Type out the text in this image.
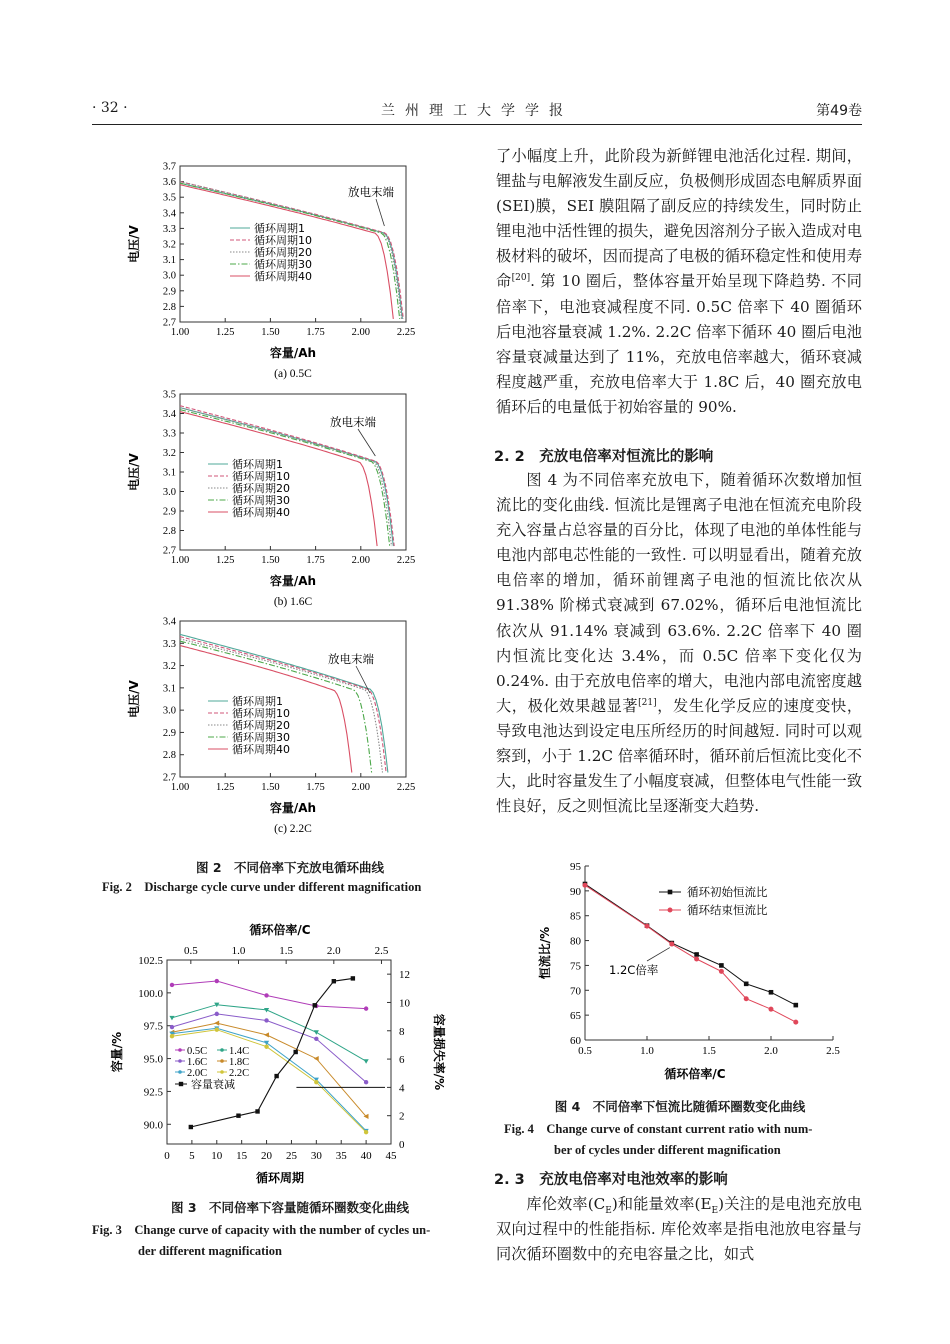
· 32 ·	兰州理工大学学报	第49卷
1.00	1.25	1.50	1.75	2.00	2.25
2.7
2.8
2.9
3.0
3.1
3.2
3.3
3.4
3.5
3.6
3.7
容量/Ah
(a) 0.5C
电压/V
放电末端
循环周期1
循环周期10
循环周期20
循环周期30
循环周期40
1.00	1.25	1.50	1.75	2.00	2.25
2.7
2.8
2.9
3.0
3.1
3.2
3.3
3.4
3.5
容量/Ah
(b) 1.6C
电压/V
放电末端
循环周期1
循环周期10
循环周期20
循环周期30
循环周期40
1.00	1.25	1.50	1.75	2.00	2.25
2.7
2.8
2.9
3.0
3.1
3.2
3.3
3.4
容量/Ah
(c) 2.2C
电压/V
放电末端
循环周期1
循环周期10
循环周期20
循环周期30
循环周期40
图 2　不同倍率下充放电循环曲线
Fig. 2　Discharge cycle curve under different magnification
0 5 10 15 20 25 30 35 40 45
90.0
92.5
95.0
97.5
100.0
102.5
0
2
4
6
8
10
12
0.5	1.0	1.5	2.0	2.5
循环倍率/C
循环周期
容量/%	容量损失率/%
0.5C 1.4C
1.6C 1.8C
2.0C 2.2C
容量衰减
图 3　不同倍率下容量随循环圈数变化曲线
Fig. 3　Change curve of capacity with the number of cycles un-
der different magnification

了小幅度上升，此阶段为新鲜锂电池活化过程. 期间，锂盐与电解液发生副反应，负极侧形成固态电解质界面(SEI)膜，SEI 膜阻隔了副反应的持续发生，同时防止锂电池中活性锂的损失，避免因溶剂分子嵌入造成对电极材料的破坏，因而提高了电极的循环稳定性和使用寿命[20]. 第 10 圈后，整体容量开始呈现下降趋势. 不同倍率下，电池衰减程度不同. 0.5C 倍率下 40 圈循环后电池容量衰减 1.2%. 2.2C 倍率下循环 40 圈后电池容量衰减量达到了 11%，充放电倍率越大，循环衰减程度越严重，充放电倍率大于 1.8C 后，40 圈充放电循环后的电量低于初始容量的 90%.

2. 2　充放电倍率对恒流比的影响

图 4 为不同倍率充放电下，随着循环次数增加恒流比的变化曲线. 恒流比是锂离子电池在恒流充电阶段充入容量占总容量的百分比，体现了电池的单体性能与电池内部电芯性能的一致性. 可以明显看出，随着充放电倍率的增加，循环前锂离子电池的恒流比依次从 91.38% 阶梯式衰减到 67.02%，循环后电池恒流比依次从 91.14% 衰减到 63.6%. 2.2C 倍率下 40 圈内恒流比变化达 3.4%，而 0.5C 倍率下变化仅为 0.24%. 由于充放电倍率的增大，电池内部电流密度越大，极化效果越显著[21]，发生化学反应的速度变快，导致电池达到设定电压所经历的时间越短. 同时可以观察到，小于 1.2C 倍率循环时，循环前后恒流比变化不大，此时容量发生了小幅度衰减，但整体电气性能一致性良好，反之则恒流比呈逐渐变大趋势.

0.5	1.0	1.5	2.0	2.5
60
65
70
75
80
85
90
95
循环倍率/C
恒流比/%
循环初始恒流比
循环结束恒流比
1.2C倍率
图 4　不同倍率下恒流比随循环圈数变化曲线
Fig. 4　Change curve of constant current ratio with num-
ber of cycles under different magnification
2. 3　充放电倍率对电池效率的影响

库伦效率$(C_E)$和能量效率$(E_E)$关注的是电池充放电双向过程中的性能指标. 库伦效率是指电池放电容量与同次循环圈数中的充电容量之比，如式
